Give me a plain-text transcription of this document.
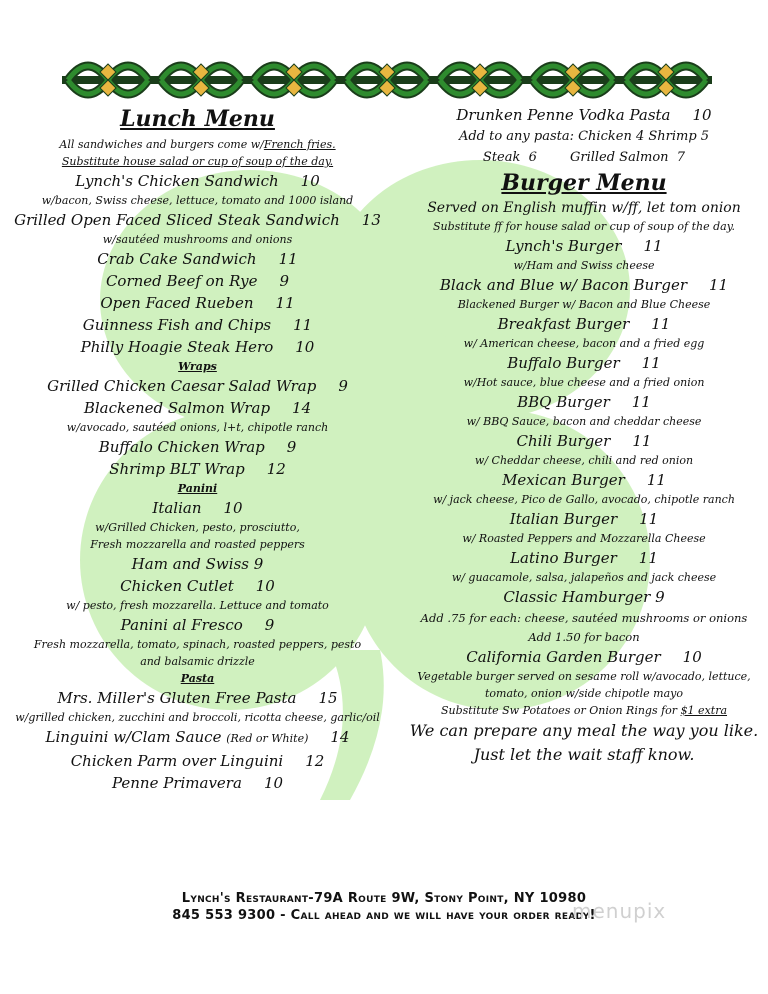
Lunch Menu
All sandwiches and burgers come w/French fries.
Substitute house salad or cup of soup of the day.
Lynch's Chicken Sandwich 10
w/bacon, Swiss cheese, lettuce, tomato and 1000 island
Grilled Open Faced Sliced Steak Sandwich 13
w/sautéed mushrooms and onions
Crab Cake Sandwich 11
Corned Beef on Rye 9
Open Faced Rueben 11
Guinness Fish and Chips 11
Philly Hoagie Steak Hero 10
Wraps
Grilled Chicken Caesar Salad Wrap 9
Blackened Salmon Wrap 14
w/avocado, sautéed onions, l+t, chipotle ranch
Buffalo Chicken Wrap 9
Shrimp BLT Wrap 12
Panini
Italian 10
w/Grilled Chicken, pesto, prosciutto,
Fresh mozzarella and roasted peppers
Ham and Swiss 9
Chicken Cutlet 10
w/ pesto, fresh mozzarella. Lettuce and tomato
Panini al Fresco 9
Fresh mozzarella, tomato, spinach, roasted peppers, pesto
and balsamic drizzle
Pasta
Mrs. Miller's Gluten Free Pasta 15
w/grilled chicken, zucchini and broccoli, ricotta cheese, garlic/oil
Linguini w/Clam Sauce (Red or White) 14
Chicken Parm over Linguini 12
Penne Primavera 10
Drunken Penne Vodka Pasta 10
Add to any pasta: Chicken 4 Shrimp 5
Steak  6        Grilled Salmon  7
Burger Menu
Served on English muffin w/ff, let tom onion
Substitute ff for house salad or cup of soup of the day.
Lynch's Burger 11
w/Ham and Swiss cheese
Black and Blue w/ Bacon Burger 11
Blackened Burger w/ Bacon and Blue Cheese
Breakfast Burger 11
w/ American cheese, bacon and a fried egg
Buffalo Burger 11
w/Hot sauce, blue cheese and a fried onion
BBQ Burger 11
w/ BBQ Sauce, bacon and cheddar cheese
Chili Burger 11
w/ Cheddar cheese, chili and red onion
Mexican Burger 11
w/ jack cheese, Pico de Gallo, avocado, chipotle ranch
Italian Burger 11
w/ Roasted Peppers and Mozzarella Cheese
Latino Burger 11
w/ guacamole, salsa, jalapeños and jack cheese
Classic Hamburger 9
Add .75 for each: cheese, sautéed mushrooms or onions
Add 1.50 for bacon
California Garden Burger 10
Vegetable burger served on sesame roll w/avocado, lettuce,
tomato, onion w/side chipotle mayo
Substitute Sw Potatoes or Onion Rings for $1 extra
We can prepare any meal the way you like.
Just let the wait staff know.
Lynch's Restaurant-79A Route 9W, Stony Point, NY 10980
845 553 9300 - Call ahead and we will have your order ready!
menupix
